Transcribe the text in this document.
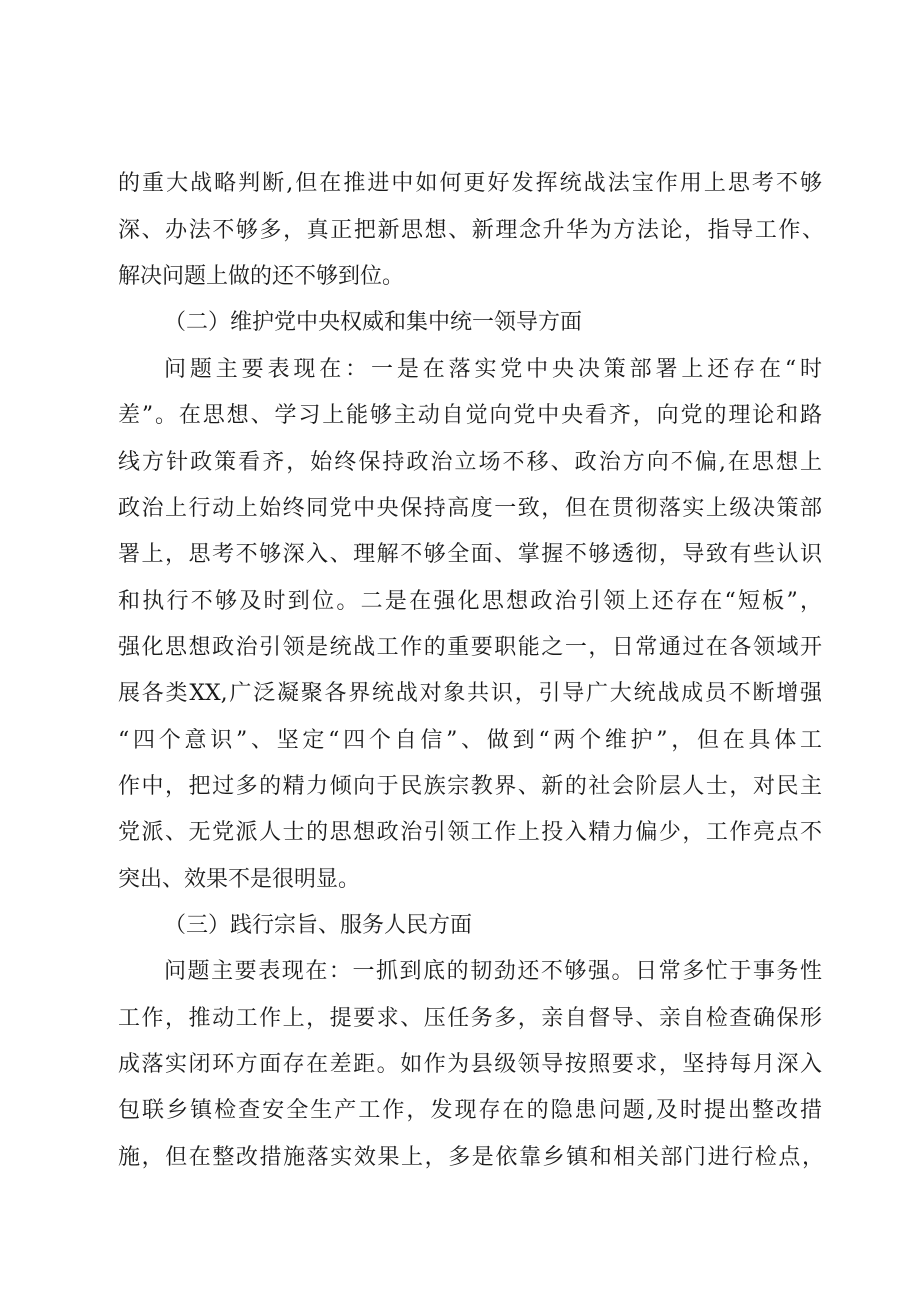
的重大战略判断,但在推进中如何更好发挥统战法宝作用上思考不够
深、办法不够多，真正把新思想、新理念升华为方法论，指导工作、
解决问题上做的还不够到位。
（二）维护党中央权威和集中统一领导方面
问题主要表现在：一是在落实党中央决策部署上还存在“时
差”。在思想、学习上能够主动自觉向党中央看齐，向党的理论和路
线方针政策看齐，始终保持政治立场不移、政治方向不偏,在思想上
政治上行动上始终同党中央保持高度一致，但在贯彻落实上级决策部
署上，思考不够深入、理解不够全面、掌握不够透彻，导致有些认识
和执行不够及时到位。二是在强化思想政治引领上还存在“短板”，
强化思想政治引领是统战工作的重要职能之一，日常通过在各领域开
展各类XX,广泛凝聚各界统战对象共识，引导广大统战成员不断增强
“四个意识”、坚定“四个自信”、做到“两个维护”，但在具体工
作中，把过多的精力倾向于民族宗教界、新的社会阶层人士，对民主
党派、无党派人士的思想政治引领工作上投入精力偏少，工作亮点不
突出、效果不是很明显。
（三）践行宗旨、服务人民方面
问题主要表现在：一抓到底的韧劲还不够强。日常多忙于事务性
工作，推动工作上，提要求、压任务多，亲自督导、亲自检查确保形
成落实闭环方面存在差距。如作为县级领导按照要求，坚持每月深入
包联乡镇检查安全生产工作，发现存在的隐患问题,及时提出整改措
施，但在整改措施落实效果上，多是依靠乡镇和相关部门进行检点，
